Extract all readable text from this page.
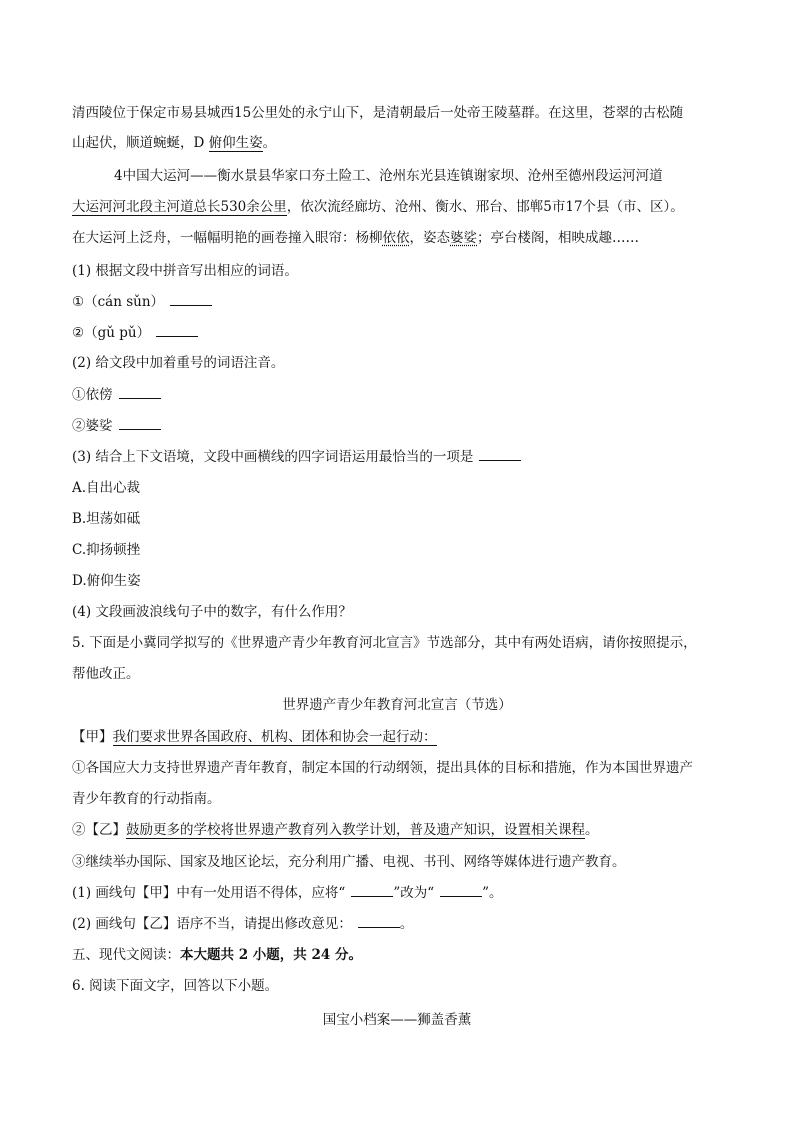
清西陵位于保定市易县城西15公里处的永宁山下，是清朝最后一处帝王陵墓群。在这里，苍翠的古松随
山起伏，顺道蜿蜒，D 俯仰生姿。
4中国大运河——衡水景县华家口夯土险工、沧州东光县连镇谢家坝、沧州至德州段运河河道
大运河河北段主河道总长530余公里，依次流经廊坊、沧州、衡水、邢台、邯郸5市17个县（市、区）。
在大运河上泛舟，一幅幅明艳的画卷撞入眼帘：杨柳依依，姿态婆娑；亭台楼阁，相映成趣……
(1) 根据文段中拼音写出相应的词语。
①（cán sǔn）
②（gǔ pǔ）
(2) 给文段中加着重号的词语注音。
①依傍
②婆娑
(3) 结合上下文语境，文段中画横线的四字词语运用最恰当的一项是
A.自出心裁
B.坦荡如砥
C.抑扬顿挫
D.俯仰生姿
(4) 文段画波浪线句子中的数字，有什么作用？
5. 下面是小冀同学拟写的《世界遗产青少年教育河北宣言》节选部分，其中有两处语病，请你按照提示，
帮他改正。
世界遗产青少年教育河北宣言（节选）
【甲】我们要求世界各国政府、机构、团体和协会一起行动：
①各国应大力支持世界遗产青年教育，制定本国的行动纲领，提出具体的目标和措施，作为本国世界遗产
青少年教育的行动指南。
②【乙】鼓励更多的学校将世界遗产教育列入教学计划，普及遗产知识，设置相关课程。
③继续举办国际、国家及地区论坛，充分利用广播、电视、书刊、网络等媒体进行遗产教育。
(1) 画线句【甲】中有一处用语不得体，应将“	”改为“	”。
(2) 画线句【乙】语序不当，请提出修改意见：	。
五、现代文阅读：本大题共 2 小题，共 24 分。
6. 阅读下面文字，回答以下小题。
国宝小档案——狮盖香薰
